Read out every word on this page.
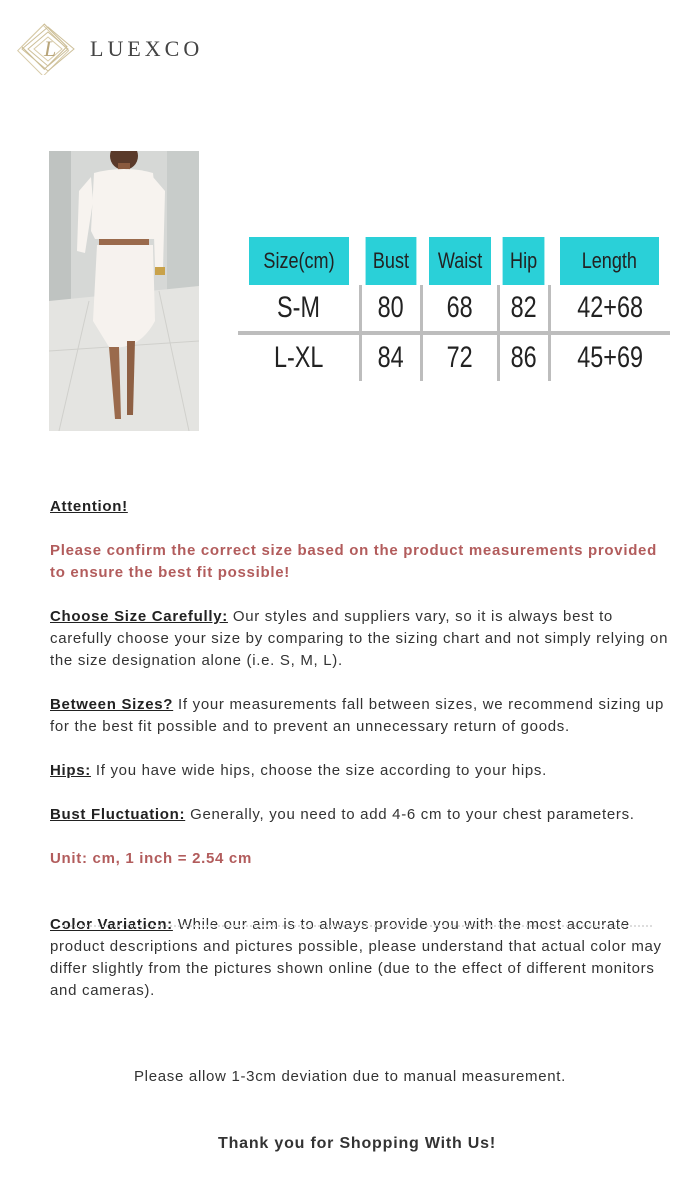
L LUEXCO
Size(cm)	Bust	Waist	Hip	Length
S-M	80	68	82	42+68
L-XL	84	72	86	45+69

Attention!

Please confirm the correct size based on the product measurements provided to ensure the best fit possible!

Choose Size Carefully: Our styles and suppliers vary, so it is always best to carefully choose your size by comparing to the sizing chart and not simply relying on the size designation alone (i.e. S, M, L).

Between Sizes? If your measurements fall between sizes, we recommend sizing up for the best fit possible and to prevent an unnecessary return of goods.

Hips: If you have wide hips, choose the size according to your hips.

Bust Fluctuation: Generally, you need to add 4-6 cm to your chest parameters.

Unit: cm, 1 inch = 2.54 cm

Color Variation: While our aim is to always provide you with the most accurate product descriptions and pictures possible, please understand that actual color may differ slightly from the pictures shown online (due to the effect of different monitors and cameras).

Please allow 1-3cm deviation due to manual measurement.
Thank you for Shopping With Us!
